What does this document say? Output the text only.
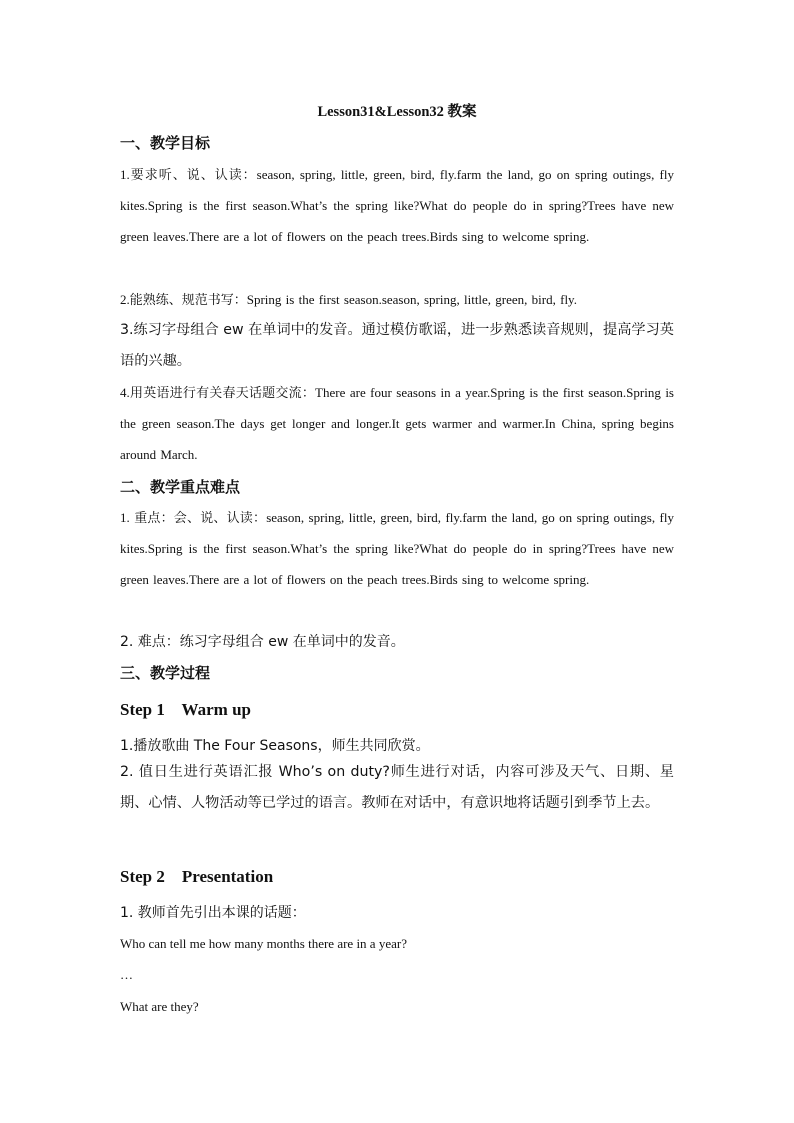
Lesson31&Lesson32 教案
一、教学目标
1.要求听、说、认读：season, spring, little, green, bird, fly.farm the land, go on spring outings, fly kites.Spring is the first season.What’s the spring like?What do people do in spring?Trees have new green leaves.There are a lot of flowers on the peach trees.Birds sing to welcome spring.
2.能熟练、规范书写：Spring is the first season.season, spring, little, green, bird, fly.
3.练习字母组合 ew 在单词中的发音。通过模仿歌谣，进一步熟悉读音规则，提高学习英语的兴趣。
4.用英语进行有关春天话题交流：There are four seasons in a year.Spring is the first season.Spring is the green season.The days get longer and longer.It gets warmer and warmer.In China, spring begins around March.
二、教学重点难点
1. 重点：会、说、认读：season, spring, little, green, bird, fly.farm the land, go on spring outings, fly kites.Spring is the first season.What’s the spring like?What do people do in spring?Trees have new green leaves.There are a lot of flowers on the peach trees.Birds sing to welcome spring.
2. 难点：练习字母组合 ew 在单词中的发音。
三、教学过程
Step 1    Warm up
1.播放歌曲 The Four Seasons，师生共同欣赏。
2. 值日生进行英语汇报 Who’s on duty?师生进行对话，内容可涉及天气、日期、星期、心情、人物活动等已学过的语言。教师在对话中，有意识地将话题引到季节上去。
Step 2    Presentation
1. 教师首先引出本课的话题：
Who can tell me how many months there are in a year?
…
What are they?
